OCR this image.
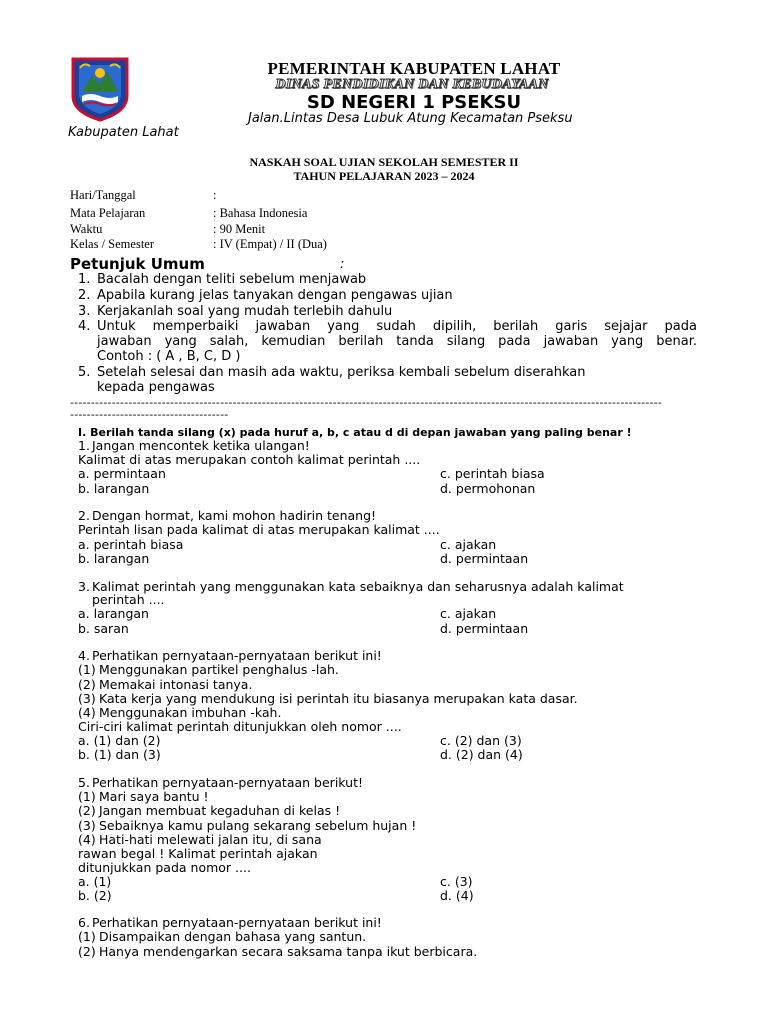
PEMERINTAH KABUPATEN LAHAT
DINAS PENDIDIKAN DAN KEBUDAYAAN
SD NEGERI 1 PSEKSU
Jalan.Lintas Desa Lubuk Atung Kecamatan Pseksu
Kabupaten Lahat
NASKAH SOAL UJIAN SEKOLAH SEMESTER II
TAHUN PELAJARAN 2023 – 2024
Hari/Tanggal	:
Mata Pelajaran	: Bahasa Indonesia
Waktu	: 90 Menit
Kelas / Semester	: IV (Empat) / II (Dua)
Petunjuk Umum	:
1. Bacalah dengan teliti sebelum menjawab
2. Apabila kurang jelas tanyakan dengan pengawas ujian
3. Kerjakanlah soal yang mudah terlebih dahulu
4. Untuk memperbaiki jawaban yang sudah dipilih, berilah garis sejajar pada
jawaban yang salah, kemudian berilah tanda silang pada jawaban yang benar.
Contoh : ( A , B, C, D )
5. Setelah selesai dan masih ada waktu, periksa kembali sebelum diserahkan
kepada pengawas
----------------------------------------------------------------------------------------------------------------------------------------------
--------------------------------------
I. Berilah tanda silang (x) pada huruf a, b, c atau d di depan jawaban yang paling benar !
1. Jangan mencontek ketika ulangan!
Kalimat di atas merupakan contoh kalimat perintah ....
a. permintaan	c. perintah biasa
b. larangan	d. permohonan
2. Dengan hormat, kami mohon hadirin tenang!
Perintah lisan pada kalimat di atas merupakan kalimat ....
a. perintah biasa	c. ajakan
b. larangan	d. permintaan
3. Kalimat perintah yang menggunakan kata sebaiknya dan seharusnya adalah kalimat
perintah ....
a. larangan	c. ajakan
b. saran	d. permintaan
4. Perhatikan pernyataan-pernyataan berikut ini!
(1) Menggunakan partikel penghalus -lah.
(2) Memakai intonasi tanya.
(3) Kata kerja yang mendukung isi perintah itu biasanya merupakan kata dasar.
(4) Menggunakan imbuhan -kah.
Ciri-ciri kalimat perintah ditunjukkan oleh nomor ....
a. (1) dan (2)	c. (2) dan (3)
b. (1) dan (3)	d. (2) dan (4)
5. Perhatikan pernyataan-pernyataan berikut!
(1) Mari saya bantu !
(2) Jangan membuat kegaduhan di kelas !
(3) Sebaiknya kamu pulang sekarang sebelum hujan !
(4) Hati-hati melewati jalan itu, di sana
rawan begal ! Kalimat perintah ajakan
ditunjukkan pada nomor ....
a. (1)	c. (3)
b. (2)	d. (4)
6. Perhatikan pernyataan-pernyataan berikut ini!
(1) Disampaikan dengan bahasa yang santun.
(2) Hanya mendengarkan secara saksama tanpa ikut berbicara.
